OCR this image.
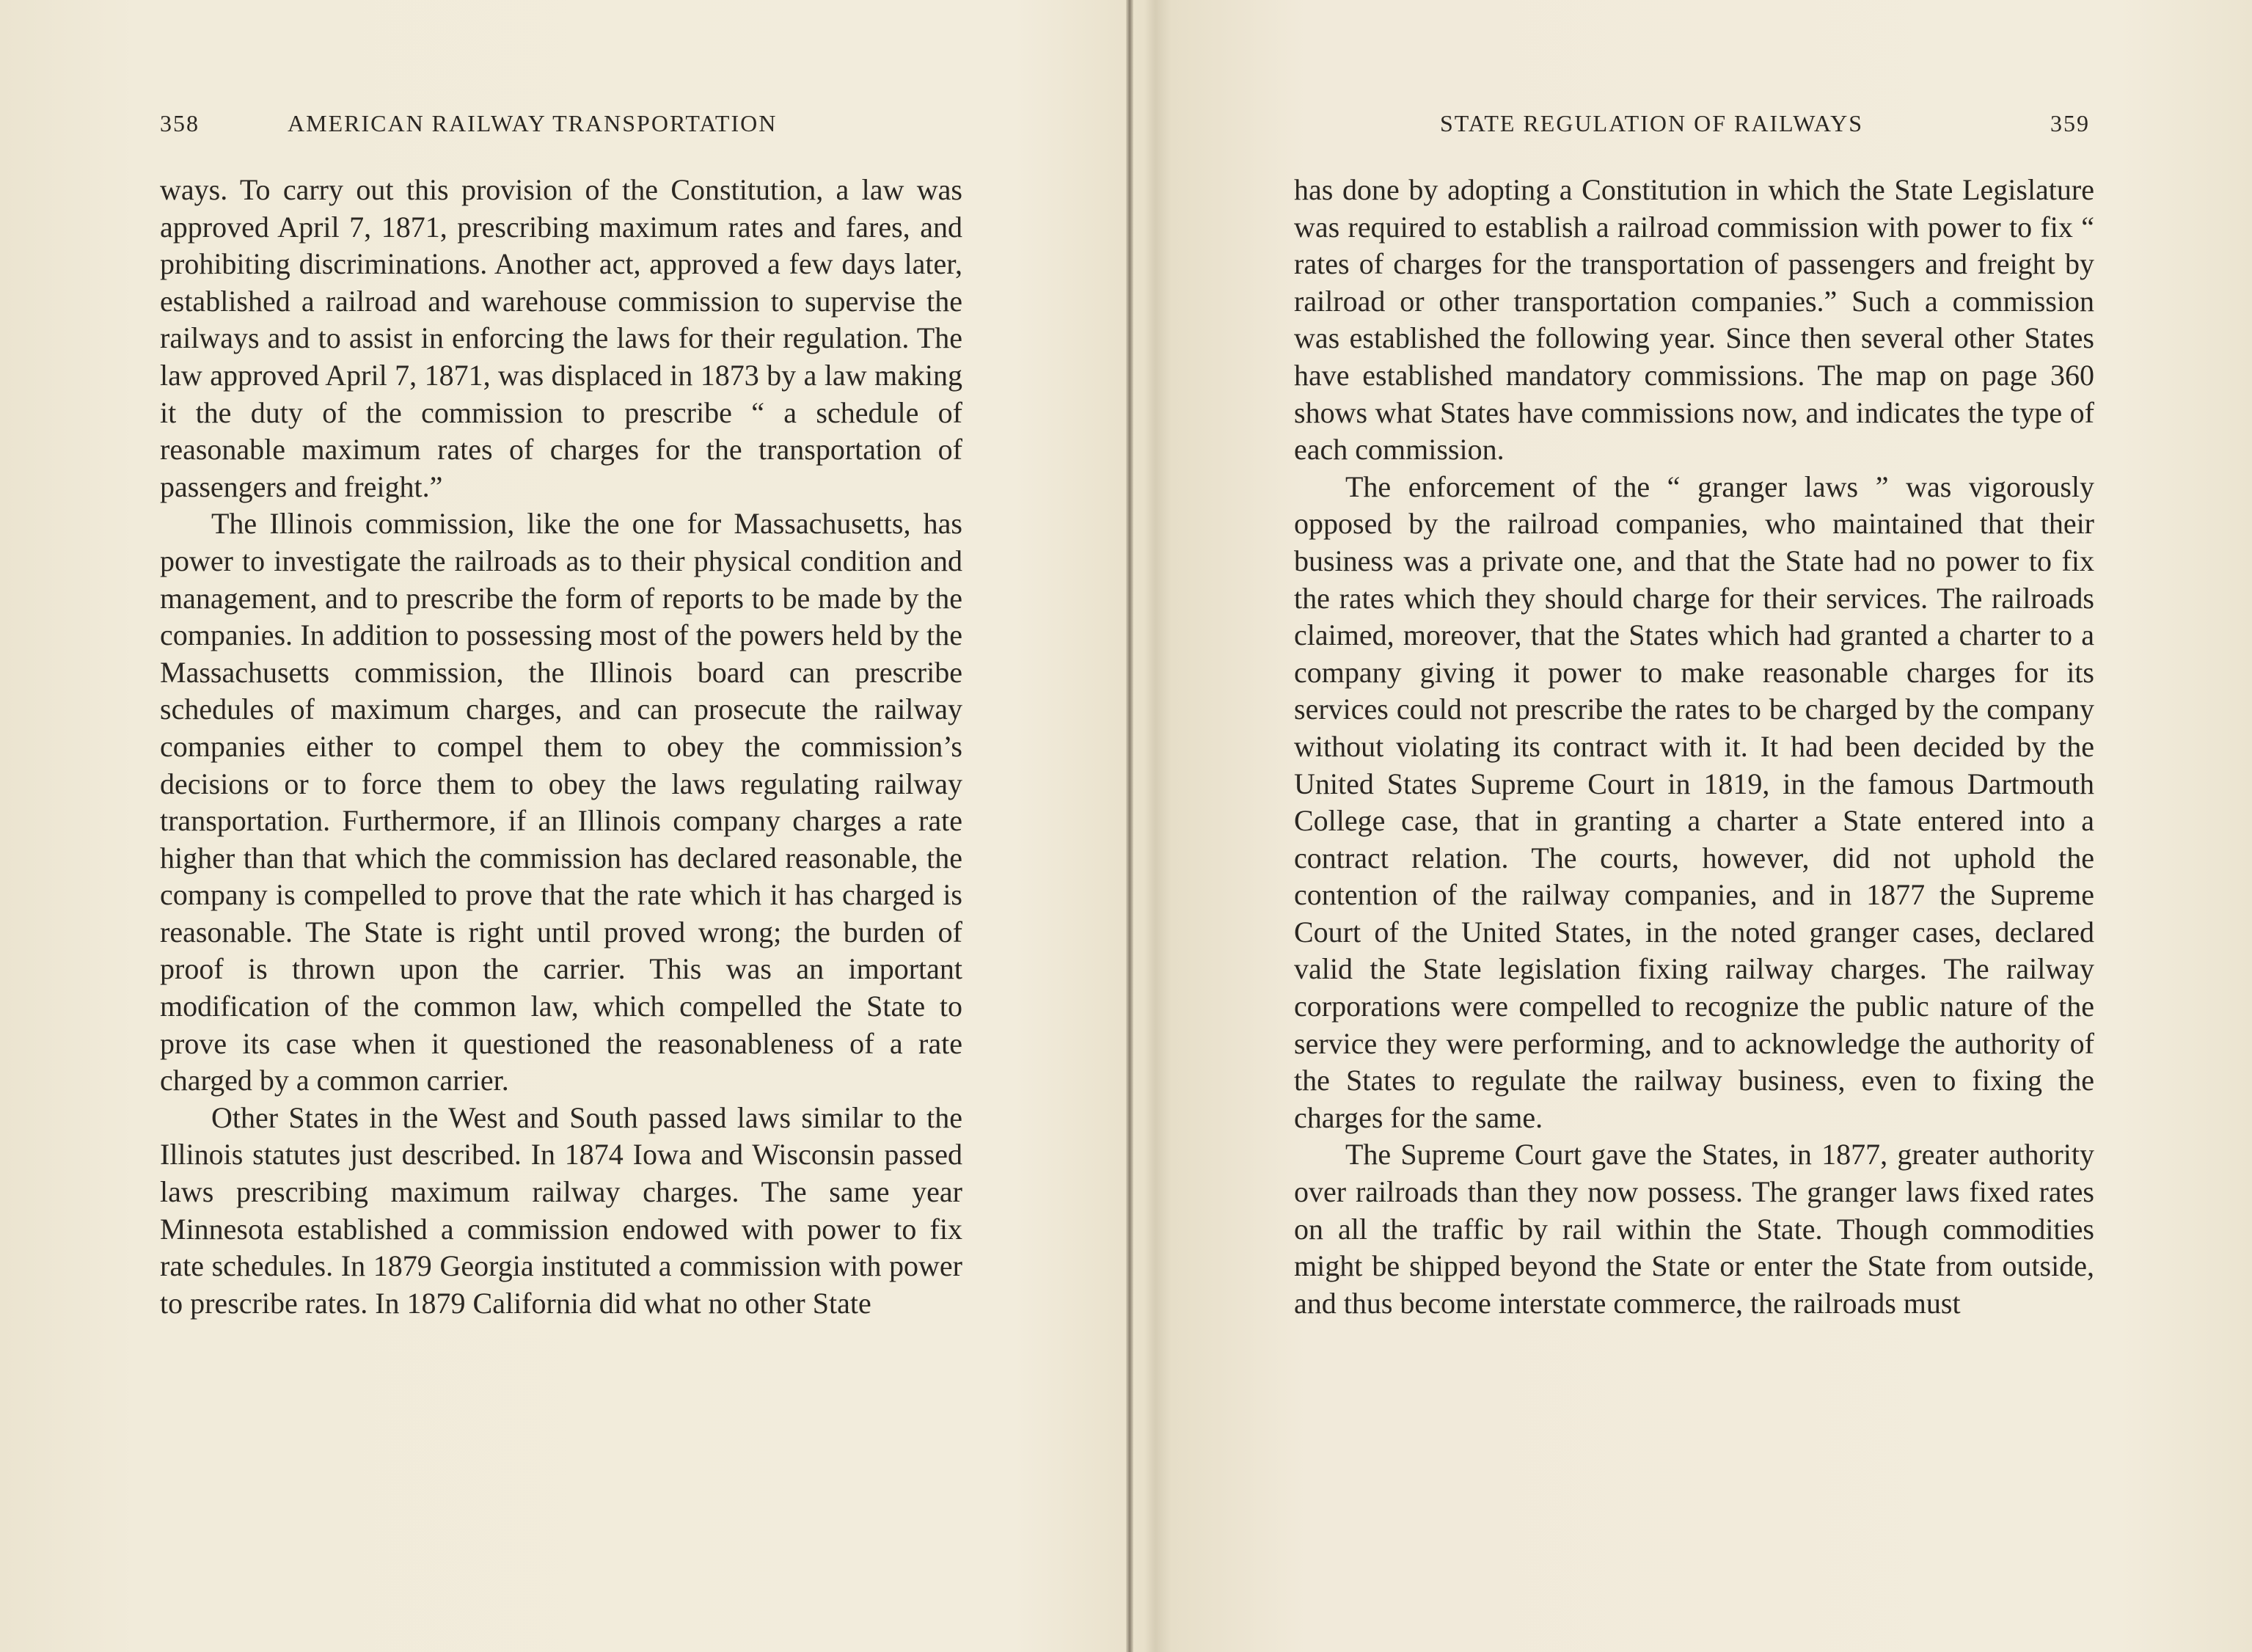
358	AMERICAN RAILWAY TRANSPORTATION

ways. To carry out this provision of the Constitution, a law was approved April 7, 1871, prescribing maximum rates and fares, and prohibiting discriminations. Another act, approved a few days later, established a railroad and warehouse commission to supervise the railways and to assist in enforcing the laws for their regulation. The law approved April 7, 1871, was displaced in 1873 by a law making it the duty of the commission to prescribe “ a schedule of reasonable maximum rates of charges for the transportation of passengers and freight.”

The Illinois commission, like the one for Massachusetts, has power to investigate the railroads as to their physical condition and management, and to prescribe the form of reports to be made by the companies. In addition to possessing most of the powers held by the Massachusetts commission, the Illinois board can prescribe schedules of maximum charges, and can prosecute the railway companies either to compel them to obey the commission’s decisions or to force them to obey the laws regulating railway transportation. Furthermore, if an Illinois company charges a rate higher than that which the commission has declared reasonable, the company is compelled to prove that the rate which it has charged is reasonable. The State is right until proved wrong; the burden of proof is thrown upon the carrier. This was an important modification of the common law, which compelled the State to prove its case when it questioned the reasonableness of a rate charged by a common carrier.

Other States in the West and South passed laws similar to the Illinois statutes just described. In 1874 Iowa and Wisconsin passed laws prescribing maximum railway charges. The same year Minnesota established a commission endowed with power to fix rate schedules. In 1879 Georgia instituted a commission with power to prescribe rates. In 1879 California did what no other State

STATE REGULATION OF RAILWAYS	359

has done by adopting a Constitution in which the State Legislature was required to establish a railroad commission with power to fix “ rates of charges for the transportation of passengers and freight by railroad or other transportation companies.” Such a commission was established the following year. Since then several other States have established mandatory commissions. The map on page 360 shows what States have commissions now, and indicates the type of each commission.

The enforcement of the “ granger laws ” was vigorously opposed by the railroad companies, who maintained that their business was a private one, and that the State had no power to fix the rates which they should charge for their services. The railroads claimed, moreover, that the States which had granted a charter to a company giving it power to make reasonable charges for its services could not prescribe the rates to be charged by the company without violating its contract with it. It had been decided by the United States Supreme Court in 1819, in the famous Dartmouth College case, that in granting a charter a State entered into a contract relation. The courts, however, did not uphold the contention of the railway companies, and in 1877 the Supreme Court of the United States, in the noted granger cases, declared valid the State legislation fixing railway charges. The railway corporations were compelled to recognize the public nature of the service they were performing, and to acknowledge the authority of the States to regulate the railway business, even to fixing the charges for the same.

The Supreme Court gave the States, in 1877, greater authority over railroads than they now possess. The granger laws fixed rates on all the traffic by rail within the State. Though commodities might be shipped beyond the State or enter the State from outside, and thus become interstate commerce, the railroads must
